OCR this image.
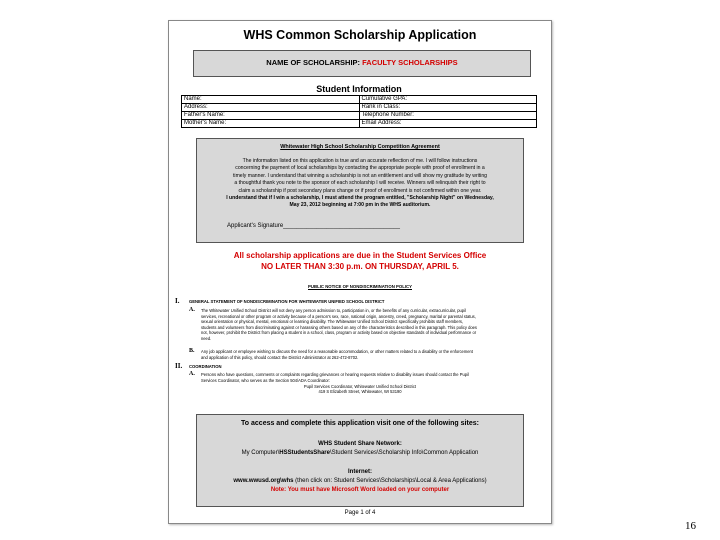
WHS Common Scholarship Application
NAME OF SCHOLARSHIP: FACULTY SCHOLARSHIPS
Student Information
Name:	Cumulative GPA:
Address:	Rank in Class:
Father's Name:	Telephone Number:
Mother's Name:	Email Address:
Whitewater High School Scholarship Competition Agreement
The information listed on this application is true and an accurate reflection of me. I will follow instructions
concerning the payment of local scholarships by contacting the appropriate people with proof of enrollment in a
timely manner. I understand that winning a scholarship is not an entitlement and will show my gratitude by writing
a thoughtful thank you note to the sponsor of each scholarship I will receive. Winners will relinquish their right to
claim a scholarship if post secondary plans change or if proof of enrollment is not confirmed within one year.
I understand that if I win a scholarship, I must attend the program entitled, "Scholarship Night" on Wednesday,
May 23, 2012 beginning at 7:00 pm in the WHS auditorium.
Applicant's Signature___________________________________
All scholarship applications are due in the Student Services Office
NO LATER THAN 3:30 p.m. ON THURSDAY, APRIL 5.
PUBLIC NOTICE OF NONDISCRIMINATION POLICY
I. GENERAL STATEMENT OF NONDISCRIMINATION FOR WHITEWATER UNIFIED SCHOOL DISTRICT
A. The Whitewater Unified School District will not deny any person admission to, participation in, or the benefits of any curricular, extracurricular, pupil
services, recreational or other program or activity because of a person's sex, race, national origin, ancestry, creed, pregnancy, marital or parental status,
sexual orientation or physical, mental, emotional or learning disability. The Whitewater Unified School District specifically prohibits staff members,
students and volunteers from discriminating against or harassing others based on any of the characteristics described in this paragraph. This policy does
not, however, prohibit the District from placing a student in a school, class, program or activity based on objective standards of individual performance or
need.
B. Any job applicant or employee wishing to discuss the need for a reasonable accommodation, or other matters related to a disability or the enforcement
and application of this policy, should contact the District Administrator at 262-472-8702.
II. COORDINATION
A. Persons who have questions, comments or complaints regarding grievances or hearing requests relative to disability issues should contact the Pupil
Services Coordinator, who serves as the Section 504/ADA Coordinator:
Pupil Services Coordinator, Whitewater Unified School District
419 S Elizabeth Street, Whitewater, WI 53190
To access and complete this application visit one of the following sites:
WHS Student Share Network:
My Computer\HSStudentsShare\Student Services\Scholarship Info\Common Application
Internet:
www.wwusd.org\whs (then click on: Student Services\Scholarships\Local & Area Applications)
Note: You must have Microsoft Word loaded on your computer
Page 1 of 4
16
